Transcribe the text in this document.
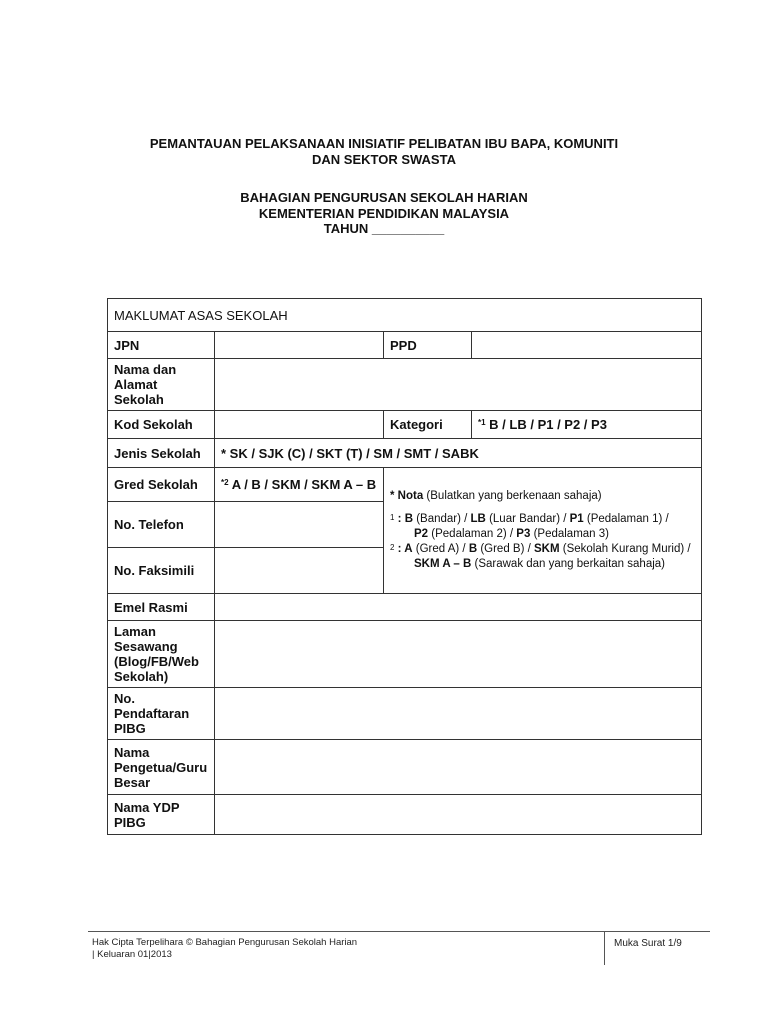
PEMANTAUAN PELAKSANAAN INISIATIF PELIBATAN IBU BAPA, KOMUNITI
DAN SEKTOR SWASTA
BAHAGIAN PENGURUSAN SEKOLAH HARIAN
KEMENTERIAN PENDIDIKAN MALAYSIA
TAHUN __________
MAKLUMAT ASAS SEKOLAH			
JPN		PPD	
Nama dan Alamat Sekolah			
Kod Sekolah		Kategori	$^{*1}$ B / LB / P1 / P2 / P3
Jenis Sekolah	* SK / SJK (C) / SKT (T) / SM / SMT / SABK		
Gred Sekolah	$^{*2}$ A / B / SKM / SKM A – B	* Nota (Bulatkan yang berkenaan sahaja)
$^1$ : B (Bandar) / LB (Luar Bandar) / P1 (Pedalaman 1) /
P2 (Pedalaman 2) / P3 (Pedalaman 3)
$^2$ : A (Gred A) / B (Gred B) / SKM (Sekolah Kurang Murid) /
SKM A – B (Sarawak dan yang berkaitan sahaja)	

No. Telefon			
No. Faksimili			
Emel Rasmi			
Laman Sesawang (Blog/FB/Web Sekolah)			
No. Pendaftaran PIBG			
Nama Pengetua/Guru Besar			
Nama YDP PIBG			
Hak Cipta Terpelihara © Bahagian Pengurusan Sekolah Harian
| Keluaran 01|2013
Muka Surat 1/9
